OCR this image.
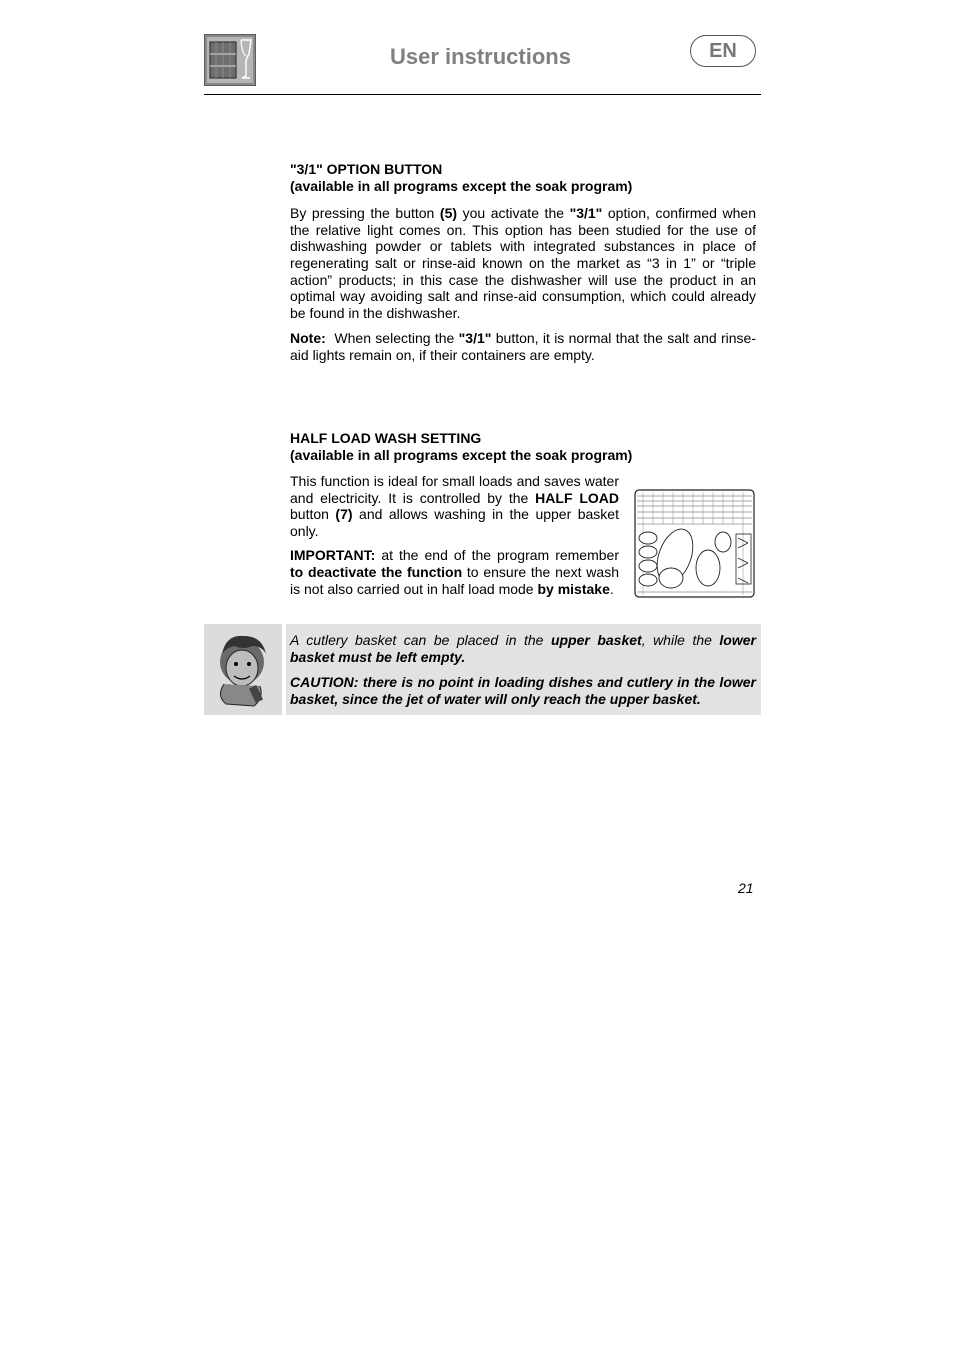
User instructions	EN
"3/1" OPTION BUTTON
(available in all programs except the soak program)

By pressing the button (5) you activate the "3/1" option, confirmed when the relative light comes on. This option has been studied for the use of dishwashing powder or tablets with integrated substances in place of regenerating salt or rinse-aid known on the market as “3 in 1” or “triple action” products; in this case the dishwasher will use the product in an optimal way avoiding salt and rinse-aid consumption, which could already be found in the dishwasher.

Note:  When selecting the "3/1" button, it is normal that the salt and rinse-aid lights remain on, if their containers are empty.

HALF LOAD WASH SETTING
(available in all programs except the soak program)

This function is ideal for small loads and saves water and electricity. It is controlled by the HALF LOAD button (7) and allows washing in the upper basket only.

IMPORTANT: at the end of the program remember to deactivate the function to ensure the next wash is not also carried out in half load mode by mistake.

A cutlery basket can be placed in the upper basket, while the lower basket must be left empty.

CAUTION: there is no point in loading dishes and cutlery in the lower basket, since the jet of water will only reach the upper basket.

21
